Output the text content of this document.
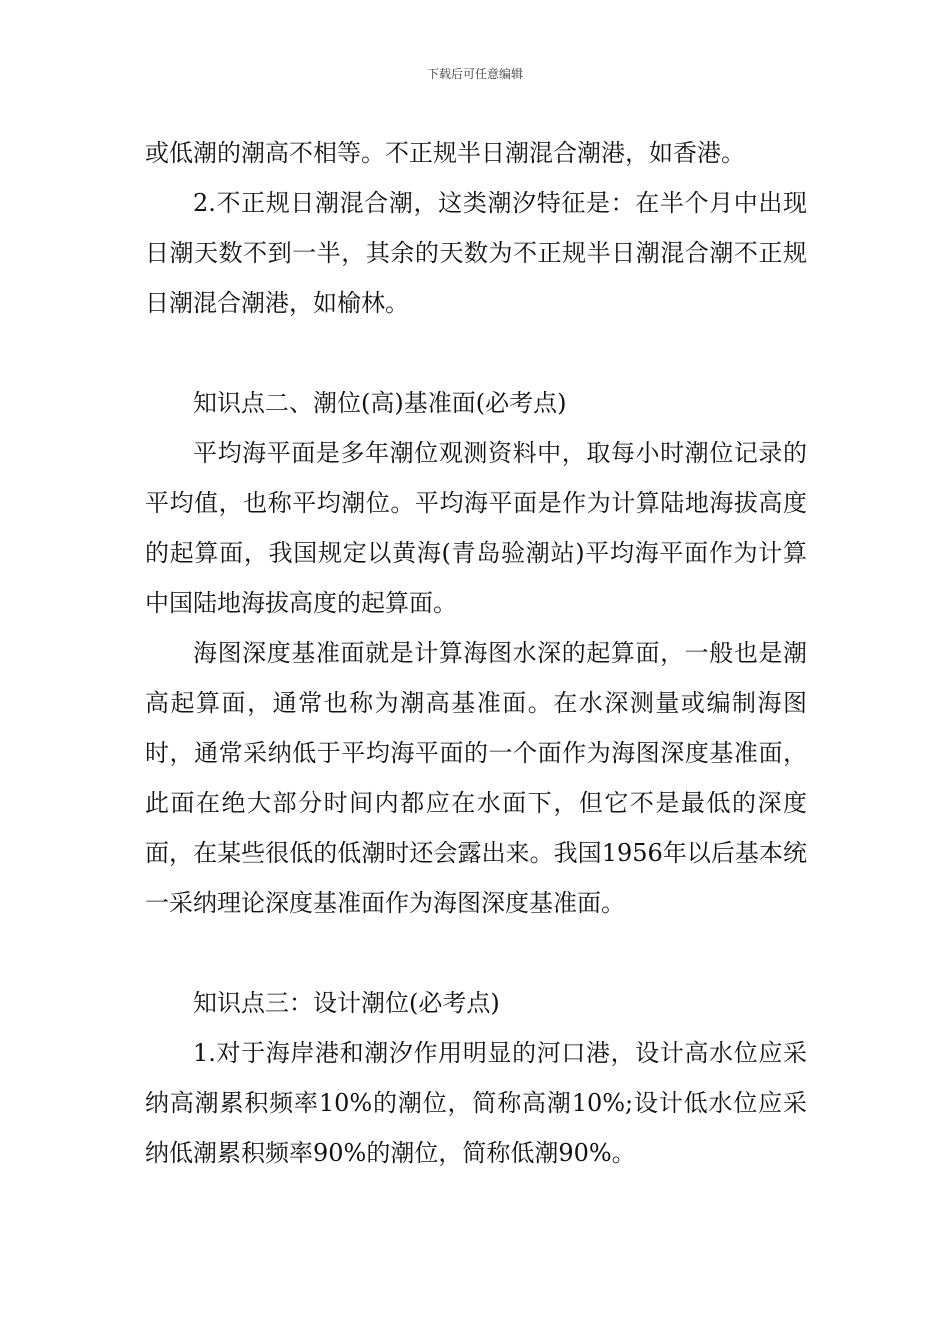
下载后可任意编辑

或低潮的潮高不相等。不正规半日潮混合潮港，如香港。

2.不正规日潮混合潮，这类潮汐特征是：在半个月中出现日潮天数不到一半，其余的天数为不正规半日潮混合潮不正规日潮混合潮港，如榆林。

知识点二、潮位(高)基准面(必考点)

平均海平面是多年潮位观测资料中，取每小时潮位记录的平均值，也称平均潮位。平均海平面是作为计算陆地海拔高度的起算面，我国规定以黄海(青岛验潮站)平均海平面作为计算中国陆地海拔高度的起算面。

海图深度基准面就是计算海图水深的起算面，一般也是潮高起算面，通常也称为潮高基准面。在水深测量或编制海图时，通常采纳低于平均海平面的一个面作为海图深度基准面，此面在绝大部分时间内都应在水面下，但它不是最低的深度面，在某些很低的低潮时还会露出来。我国1956年以后基本统一采纳理论深度基准面作为海图深度基准面。

知识点三：设计潮位(必考点)

1.对于海岸港和潮汐作用明显的河口港，设计高水位应采纳高潮累积频率10%的潮位，简称高潮10%;设计低水位应采纳低潮累积频率90%的潮位，简称低潮90%。
